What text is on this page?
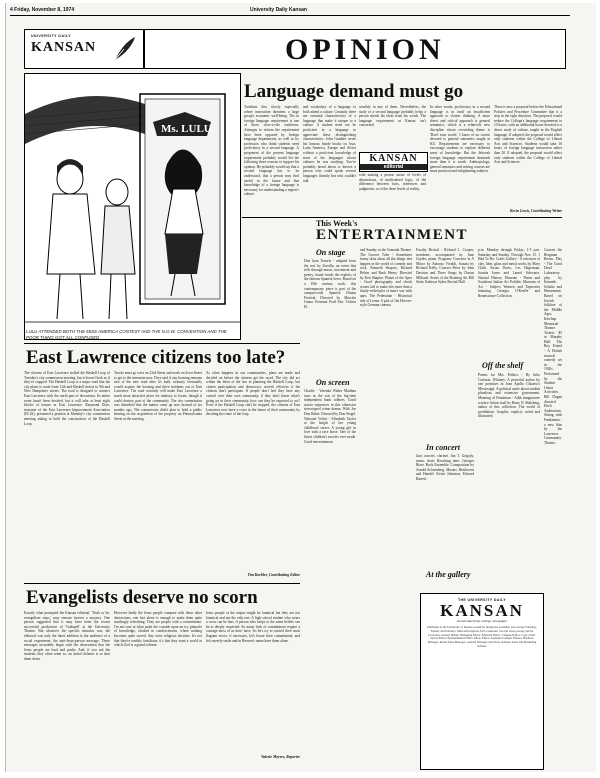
4 Friday, November 8, 1974	University Daily Kansan
UNIVERSITY DAILY
KANSAN	OPINION
Ms. LULU
LULU ATTENDED BOTH THE MISS AMERICA CONTEST AND THE N.O.W. CONVENTION AND THE POOR THING GOT ALL CONFUSED
Language demand must go
Tradition dies slowly especially where innovation threatens a large group's economic well-being. The in foreign language requirement is one of those slow-to-die traditions. Attempts to reform the requirement have been opposed by foreign language departments, as well as by professors who think students need proficiency in a second language. A proponent of the present language requirement probably would list the following three reasons to support his opinion. He probably would say that a second language has to be understood, that a person may find useful in the future and that knowledge of a foreign language is necessary for understanding a region's culture.
and vocabulary of a language to both attend a culture. Certainly there are essential characteristics of a language that make it unique to a culture. A student need not be proficient in a language to appreciate these distinguishing characteristics. John Gunther wrote his famous Inside books on Asia, Latin America, Europe and Africa without a proficient knowledge of most of the languages whose cultures he was studying. You've probably heard about or known a person who could speak several languages fluently but who couldn't talk
sensibly in any of them. Nevertheless, the study of a second language probably helps a person sketch his ideas from his words. The language requirement at Kansas isn't concerned
KANSAN
editorial
with making a person aware of levels of abstractions, of multivalued logic, of the difference between facts, inferences and judgments, or of the three levels of reality.
In other words, proficiency in a second language is in itself an insufficient approach to clearer thinking. A more direct and critical approach is general semantics, which is a relatively new discipline whose overriding theme is 'Don't trust words.' I know of no course devoted to general semantics taught at KU. Requirements are necessary to encourage students to explore different areas of knowledge. But the Jehovah foreign language requirement demands more than it is worth. Anthropology, general semantics and writing courses are more practical and enlightening subjects.
There is now a proposal before the Educational Policies and Procedure Committee that is a step in the right direction. The proposal would reduce the College's language requirement to 10 hours, with an additional hours devoted to a direct study of culture, taught in the English language. If adopted, the proposal would affect only students within the College of Liberal Arts and Sciences. Students would take 10 hours of foreign language instruction rather than 20. If adopted, the proposal would affect only students within the College of Liberal Arts and Sciences.
Kevin Lewis, Contributing Writer
This Week's
ENTERTAINMENT
On stage
Don Juan Tenorio - adapted from the text by Zorrilla, an event that tells through music, movement and poetry, found words the exploits of the famous Spanish lover. Based on a 19th century work, this contemporary piece is part of the campus-wide Spanish Drama Festival. Directed by Marcela Grana. Fremont Ford Fair. Tickets $1.
On screen
Charlie - Varenka Walter Matthau stars as the son of the big-time independent bank robbers. Good action sequences in this otherwise stereotyped crime drama. With Joe Don Baker. Directed by Don Siegel. National Velvet - Elizabeth Taylor at the height of her young childhood career. A young girl in love with a race horse. One of the finest children's movies ever made. Good entertainment.
and Sunday at the Granada Theatre. The Groove Tube - Sometimes funny skits about all the things that happen in the world of comedy and rock. Kenneth Shapiro, Richard Belzer and Buck Henry. Directed by Ken Shapiro. Planet of the Apes - Good photography and shock scenes fail to make this more than a thinly-veiled plot of man's war with apes. The Pedestrian - Historical tale of Leona. A plot of flat Hoover-style German cinema.
Faculty Recital - Richard L. Cooper, trombone, accompanied by Jane Gryder, piano. Program: Concerto in A Minor by Antonio Vivaldi, Sonata by Richard Kelly, Concert Piece by John Davison and Three Songs by Darius Milhaud. Series of the Rotating Art Bill Stein. Kathryn Sykes Recital Hall.
In concert
Jazz concert, clarinet. Jan T. Grigsby, music chair; Reaching nine; Georges Bizet. Rock Ensemble. Composition by Arnold Schoenberg. Mozart, Beethoven and Handel. Kevin Johnston, Edward Barrett.
At the gallery
p.m. Monday through Friday; 1-5 p.m. Saturday and Sunday. Through Nov. 15. 1 Had To Be: Crafts Gallery - A selection of clay, fiber, glass and metal works by Mary Clark, Susan Davis, Les Hagerman, Juanita Jones and Laurel Schwartz. Natural History Museum - Plains and Southeast Indian Art Exhibit. Museum of Art - Subject Women and Tapestries featuring Georgia O'Keeffe and Renaissance Collection.
Off the shelf
Poems for Mrs. Politics - By Julio Cortazar, Whitney. A powerful author by one promises in Jean Apollo Chiariss's Mississippi. A political satire about student pluralism and extensive government. Meaning of Feminism - Adds imaginative science fiction stuff by Barry N. Malzberg, author of this collection. The world of prohibition. Graphic, explicit, weird and illustrated.
Concert the Bergman Room. Play - The Good Dead Laboratory play by Kenneth Schultz and Heinemann. Based on Jewish folklore of the Middle Ages. Ketchup Memorial Theatre. Tickets $5 at Murphy Hall. The Boy Friend - A British musical comedy set in the 1920s. Performed by the Student Union Activities. Bill Dugan directed. Hoch Auditorium. Sitting with Pandaemia - a new film by the Lawrence Community Theatre.
East Lawrence citizens too late?
The citizens of East Lawrence stalled the Haskell Loop of Tuesday's city commission meeting, but it doesn't look as if they've stopped. The Haskell Loop is a major road that the city plans to route from 11th and Haskell streets to 9th and New Hampshire streets. The road is designed to connect East Lawrence with the north part of downtown. Its entire route hasn't been decided, but it will take at least eight blocks of homes in East Lawrence. Raymond Drye, treasurer of the East Lawrence Improvement Association (ELIA), presented a petition at Monday's city commission meeting asking to hold the construction of the Haskell Loop.
Trucks must go west on 23rd Street and north on Iowa Street to get to the interstate now. Drye said if any housing remains east of the new road after it's built, industry eventually would acquire the housing and drive residents out of East Lawrence. The road certainly will make East Lawrence a much more attractive place for industry to locate, though it could destroy part of the community. The city commission was disturbed that the matter came up now instead of six months ago. The commission didn't plan to hold a public hearing on the acquisition of the property on Pennsylvania Street at the meeting.
As often happens in our communities, plans are made and decided on before the citizens get the word. The city did act within the letter of the law in planning the Haskell Loop, but citizen participation and democracy weren't effective if the citizens don't participate. If people don't feel they have any control over their own community, if they don't know what's going on in their community, how can they be expected to act? Even if the Haskell Loop can't be stopped, the citizens of East Lawrence now have a voice in the future of their community by deciding the route of the loop.
Tim Koehler, Contributing Editor
Evangelists deserve no scorn
Exactly what prompted the Kansan editorial, 'Truth or lie, evangelism stays,' may remain forever a mystery. One person suggested that it may have been the recent successful production of 'Godspell' at the University Theatre. But whatever the specific stimulus was, the editorial was only the latest addition to the audience of a social experiment: the anti-Jesus-person message. These messages invariably begin with the observation that the Jesus people are loud and pushy. And, if you ask the students they often seem so, an initial defense is to shut them down.
However badly the Jesus people compare with these other distractions, one fact alone is enough to make them quite startlingly refreshing. They are people with a commitment. I'm not sure at what point the crusade upon an icy pinnacle of knowledge, cloaked in condescension, where nothing becomes quite sacred. Any strict religious doctrine. It's not that they're terribly fastidious; it's that they want a world in which God is a grand scheme.
Jesus people at the airport might be fanatical but they are not fanatical and not the only one. A high school student who wears a cross can be hurt. A person who keeps to the same beliefs can be as deeply respected. So many look of commitment require a courage most of us don't have. So let's try to control their most flagrant errors, if necessary, let's honor their commitment, and let's merely smile and in Heaven's name have them alone.
Valerie Meyers, Reporter
THE UNIVERSITY DAILY
KANSAN
An All-American college newspaper
Published at the University of Kansas weekdays during the academic year except Saturday, Sunday and holidays. Mail subscriptions $10 a semester. Second class postage paid at Lawrence, Kansas 66044. Managing Editor. Editorial Editor. Campus Editor. Copy Chief. Sports Editor. Entertainment Editor. Photo Editor. Assistant Campus Editors. Business Manager. Retail Sales Manager. General Manager and News Adviser. Sales and Marketing Adviser.
